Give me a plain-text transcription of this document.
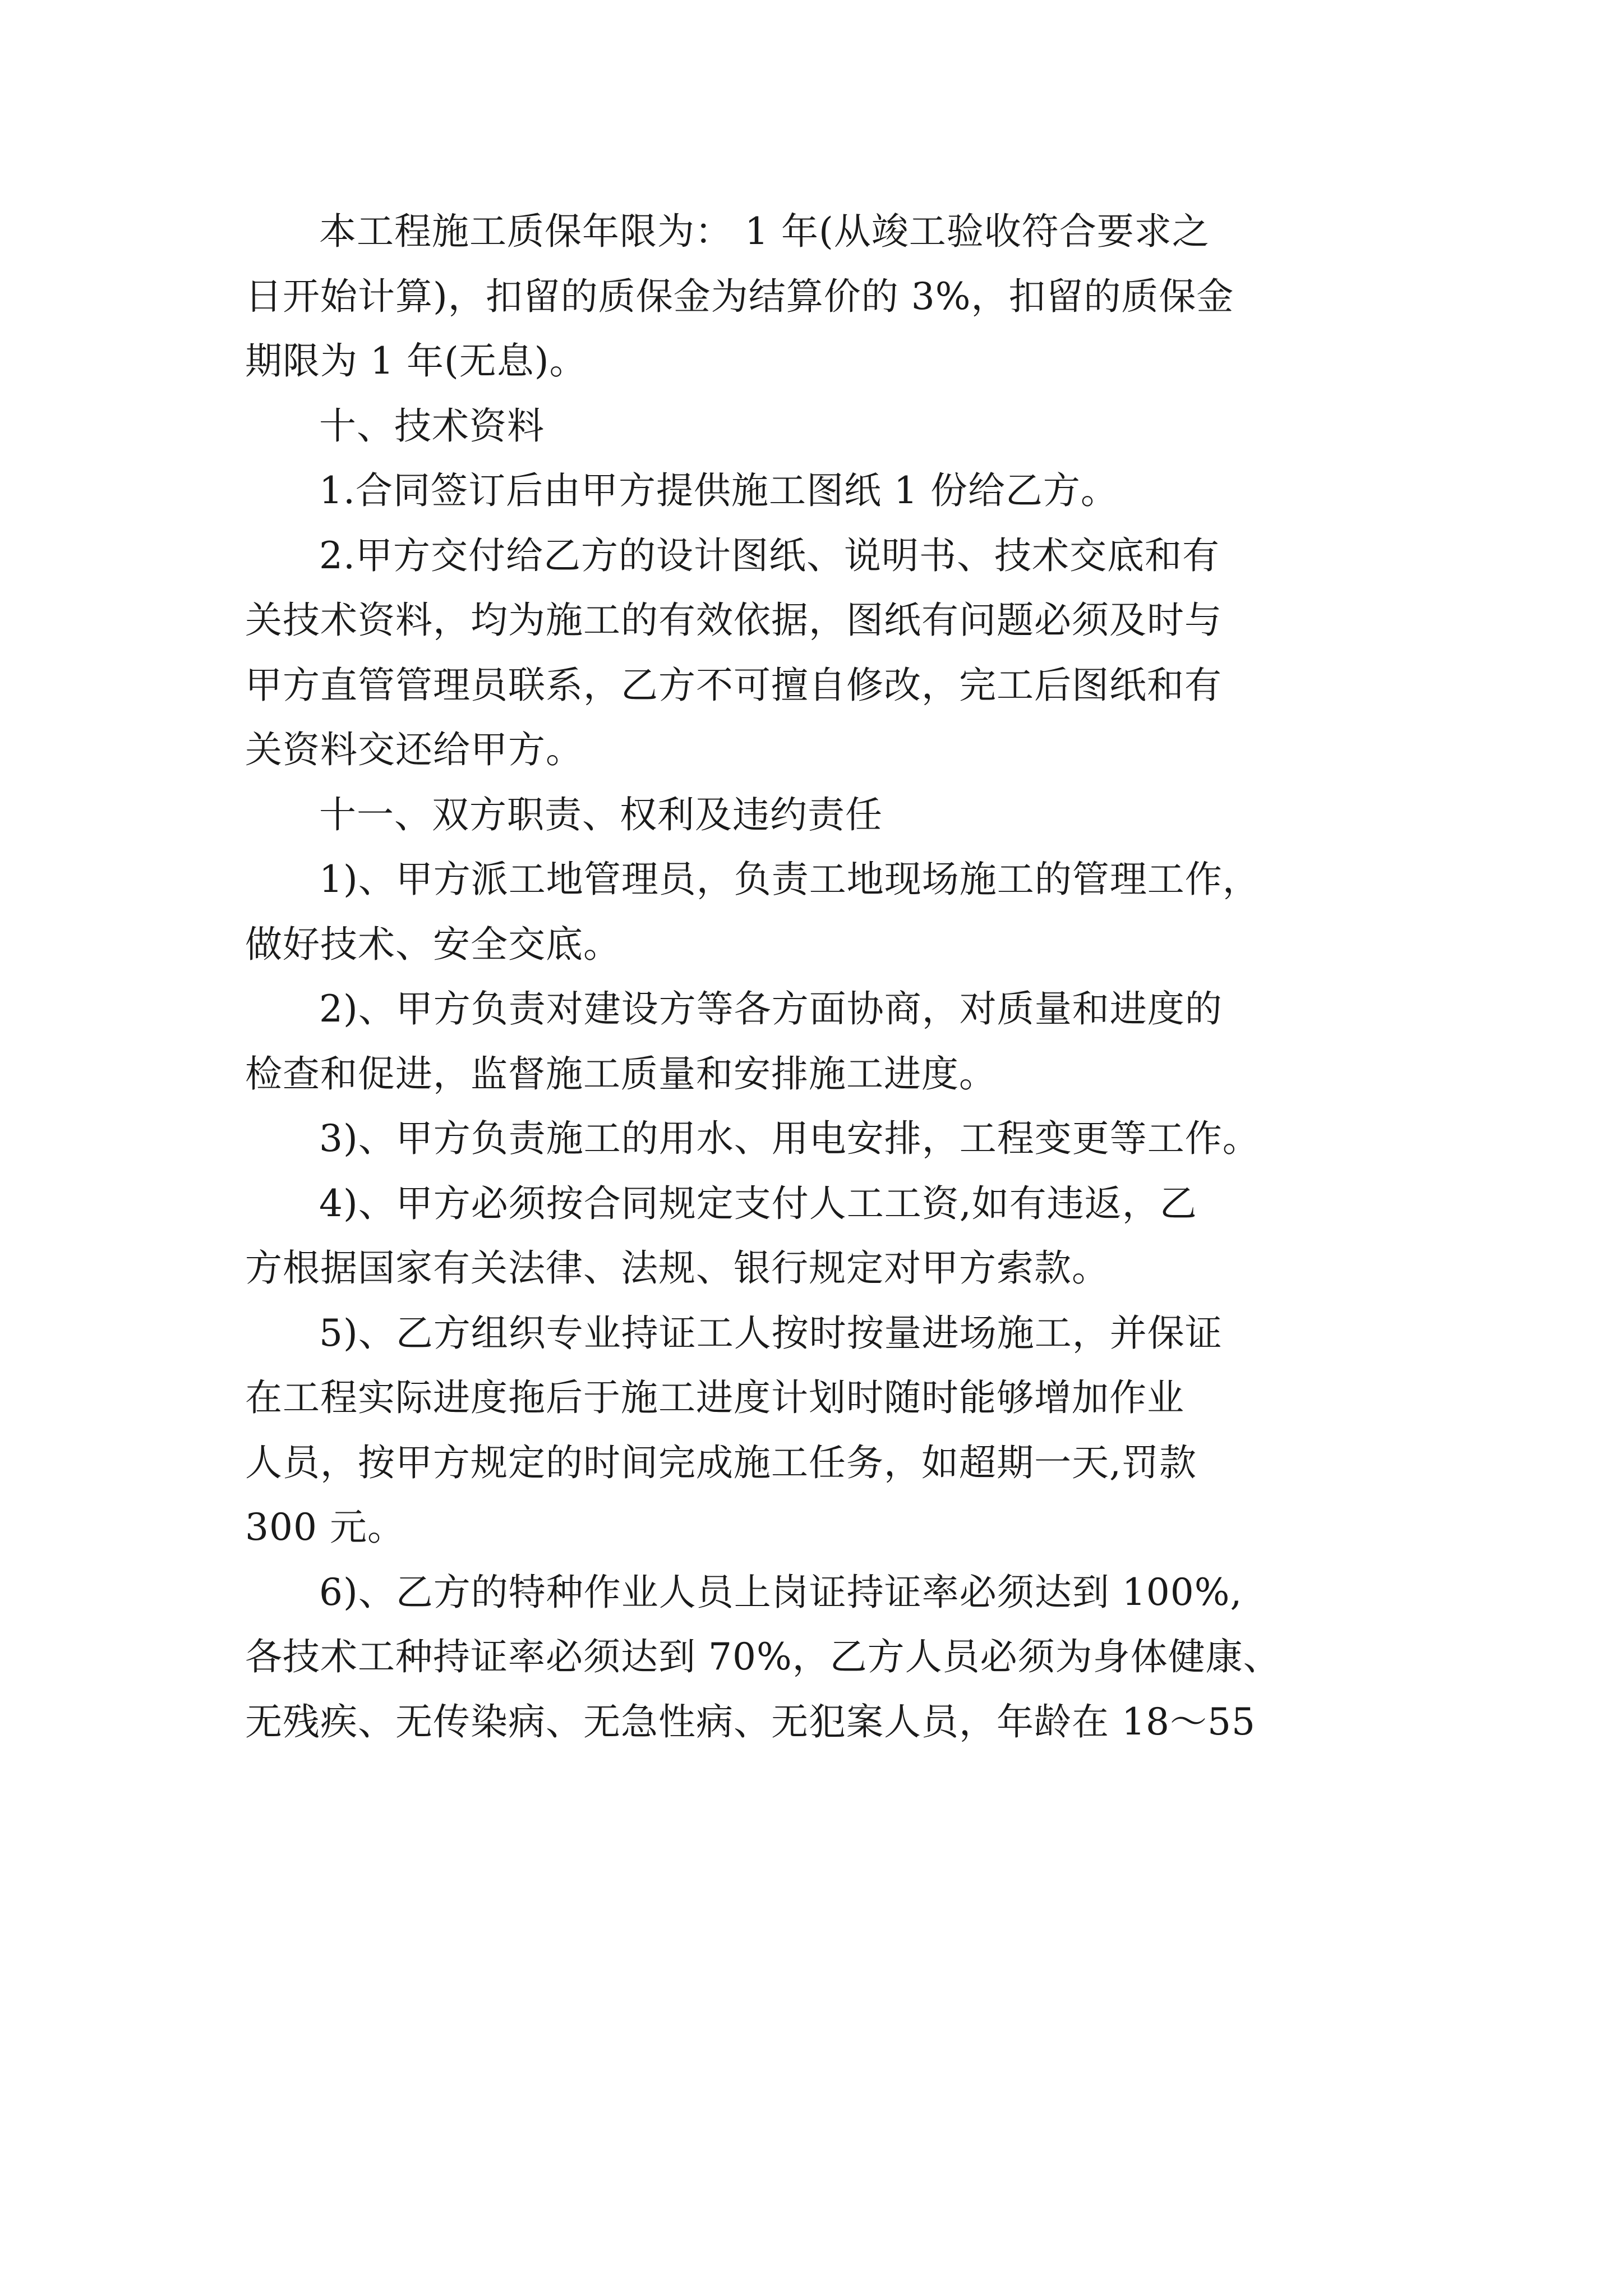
本工程施工质保年限为： 1 年(从竣工验收符合要求之
日开始计算)，扣留的质保金为结算价的 3%，扣留的质保金
期限为 1 年(无息)。

十、技术资料

1.合同签订后由甲方提供施工图纸 1 份给乙方。

2.甲方交付给乙方的设计图纸、说明书、技术交底和有
关技术资料，均为施工的有效依据，图纸有问题必须及时与
甲方直管管理员联系，乙方不可擅自修改，完工后图纸和有
关资料交还给甲方。

十一、双方职责、权利及违约责任

1)、甲方派工地管理员，负责工地现场施工的管理工作，
做好技术、安全交底。

2)、甲方负责对建设方等各方面协商，对质量和进度的
检查和促进，监督施工质量和安排施工进度。

3)、甲方负责施工的用水、用电安排，工程变更等工作。

4)、甲方必须按合同规定支付人工工资,如有违返，乙
方根据国家有关法律、法规、银行规定对甲方索款。

5)、乙方组织专业持证工人按时按量进场施工，并保证
在工程实际进度拖后于施工进度计划时随时能够增加作业
人员，按甲方规定的时间完成施工任务，如超期一天,罚款
300 元。

6)、乙方的特种作业人员上岗证持证率必须达到 100%,
各技术工种持证率必须达到 70%，乙方人员必须为身体健康、
无残疾、无传染病、无急性病、无犯案人员，年龄在 18～55
